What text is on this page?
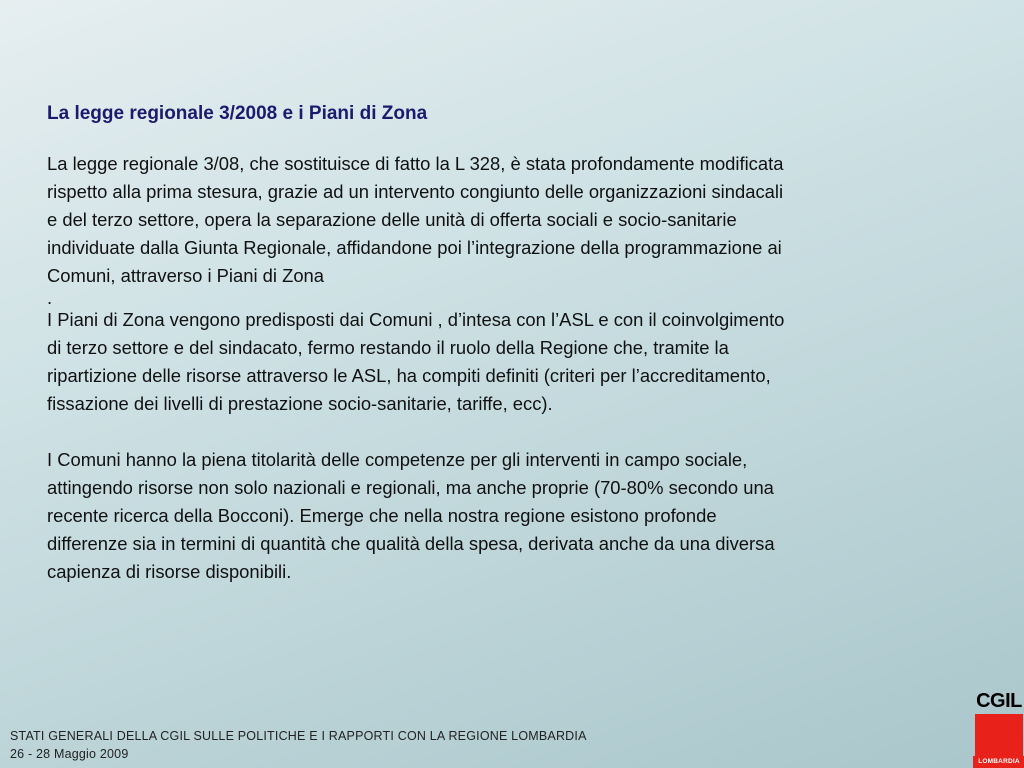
La legge regionale 3/2008 e i Piani di Zona

La legge regionale 3/08, che sostituisce di fatto la L 328, è stata profondamente modificata
rispetto alla prima stesura, grazie ad un intervento congiunto delle organizzazioni sindacali
e del terzo settore, opera la separazione delle unità di offerta sociali e socio-sanitarie
individuate dalla Giunta Regionale, affidandone poi l’integrazione della programmazione ai
Comuni, attraverso i Piani di Zona

.

I Piani di Zona vengono predisposti dai Comuni , d’intesa con l’ASL e con il coinvolgimento
di terzo settore e del sindacato, fermo restando il ruolo della Regione che, tramite la
ripartizione delle risorse attraverso le ASL, ha compiti definiti (criteri per l’accreditamento,
fissazione dei livelli di prestazione socio-sanitarie, tariffe, ecc).

I Comuni hanno la piena titolarità delle competenze per gli interventi in campo sociale,
attingendo risorse non solo nazionali e regionali, ma anche proprie (70-80% secondo una
recente ricerca della Bocconi). Emerge che nella nostra regione esistono profonde
differenze sia in termini di quantità che qualità della spesa, derivata anche da una diversa
capienza di risorse disponibili.

STATI GENERALI DELLA CGIL SULLE POLITICHE E I RAPPORTI CON LA REGIONE LOMBARDIA
26 - 28 Maggio 2009
CGIL
LOMBARDIA
